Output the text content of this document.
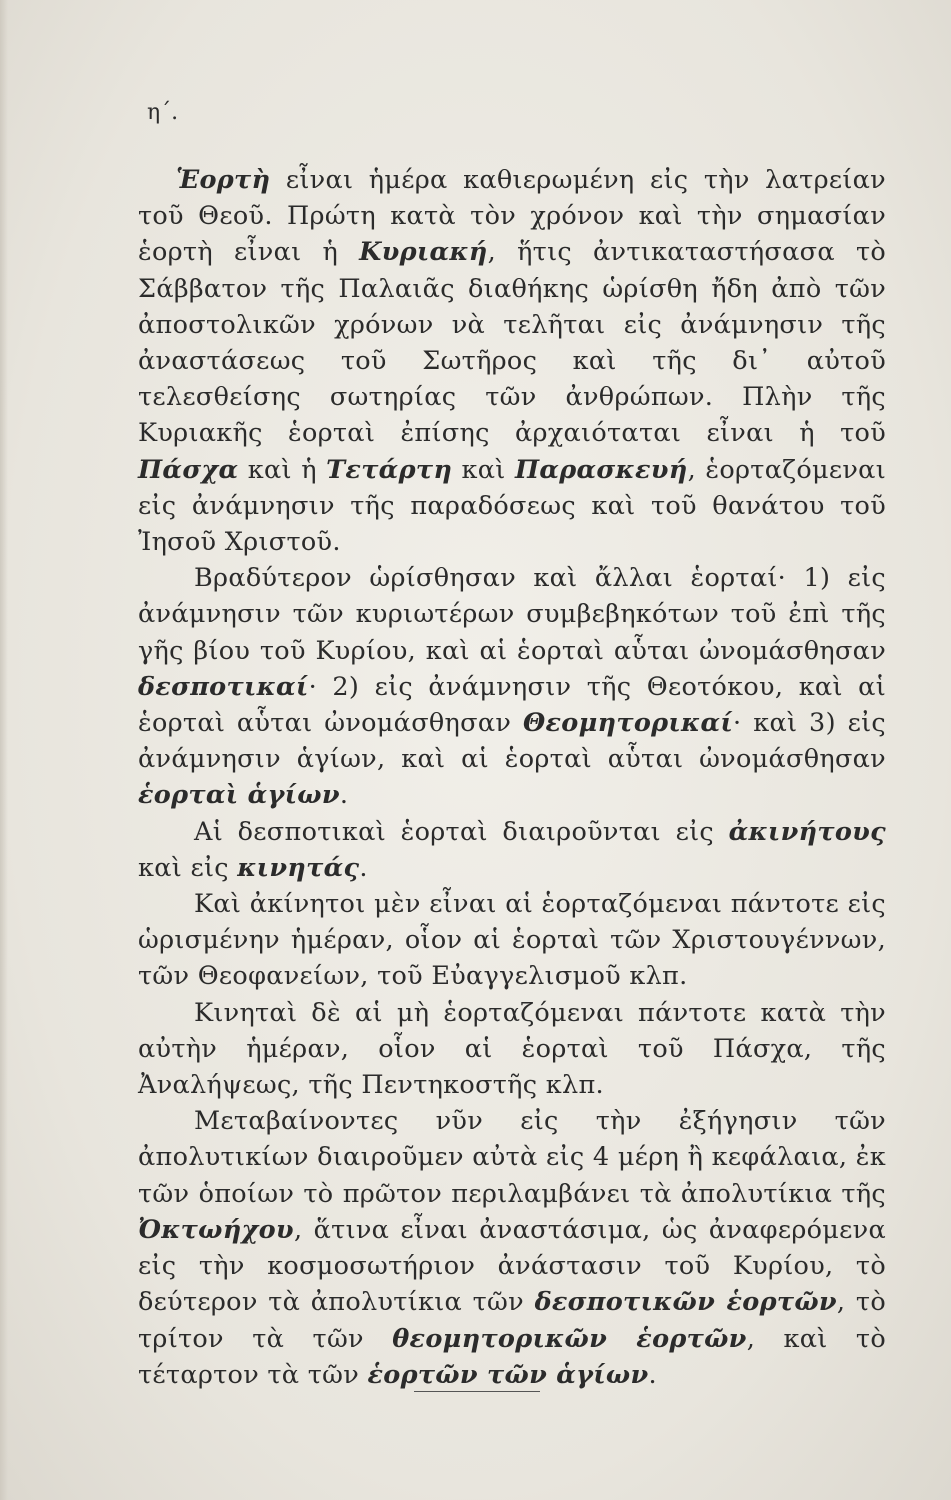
η΄.

Ἑορτὴ εἶναι ἡμέρα καθιερωμένη εἰς τὴν λατρείαν τοῦ Θεοῦ. Πρώτη κατὰ τὸν χρόνον καὶ τὴν σημασίαν ἑορτὴ εἶναι ἡ Κυριακή, ἥτις ἀντικαταστήσασα τὸ Σάββατον τῆς Παλαιᾶς διαθήκης ὡρίσθη ἤδη ἀπὸ τῶν ἀποστολικῶν χρόνων νὰ τελῆται εἰς ἀνάμνησιν τῆς ἀναστάσεως τοῦ Σωτῆρος καὶ τῆς δι᾿ αὐτοῦ τελεσθείσης σωτηρίας τῶν ἀνθρώπων. Πλὴν τῆς Κυριακῆς ἑορταὶ ἐπίσης ἀρχαιόταται εἶναι ἡ τοῦ Πάσχα καὶ ἡ Τετάρτη καὶ Παρασκευή, ἑορταζόμεναι εἰς ἀνάμνησιν τῆς παραδόσεως καὶ τοῦ θανάτου τοῦ Ἰησοῦ Χριστοῦ.

Βραδύτερον ὡρίσθησαν καὶ ἄλλαι ἑορταί· 1) εἰς ἀνάμνησιν τῶν κυριωτέρων συμβεβηκότων τοῦ ἐπὶ τῆς γῆς βίου τοῦ Κυρίου, καὶ αἱ ἑορταὶ αὗται ὠνομάσθησαν δεσποτικαί· 2) εἰς ἀνάμνησιν τῆς Θεοτόκου, καὶ αἱ ἑορταὶ αὗται ὠνομάσθησαν Θεομητορικαί· καὶ 3) εἰς ἀνάμνησιν ἁγίων, καὶ αἱ ἑορταὶ αὗται ὠνομάσθησαν ἑορταὶ ἁγίων.

Αἱ δεσποτικαὶ ἑορταὶ διαιροῦνται εἰς ἀκινήτους καὶ εἰς κινητάς.

Καὶ ἀκίνητοι μὲν εἶναι αἱ ἑορταζόμεναι πάντοτε εἰς ὡρισμένην ἡμέραν, οἷον αἱ ἑορταὶ τῶν Χριστουγέννων, τῶν Θεοφανείων, τοῦ Εὐαγγελισμοῦ κλπ.

Κινηταὶ δὲ αἱ μὴ ἑορταζόμεναι πάντοτε κατὰ τὴν αὐτὴν ἡμέραν, οἷον αἱ ἑορταὶ τοῦ Πάσχα, τῆς Ἀναλήψεως, τῆς Πεντηκοστῆς κλπ.

Μεταβαίνοντες νῦν εἰς τὴν ἐξήγησιν τῶν ἀπολυτικίων διαιροῦμεν αὐτὰ εἰς 4 μέρη ἢ κεφάλαια, ἐκ τῶν ὁποίων τὸ πρῶτον περιλαμβάνει τὰ ἀπολυτίκια τῆς Ὀκτωήχου, ἅτινα εἶναι ἀναστάσιμα, ὡς ἀναφερόμενα εἰς τὴν κοσμοσωτήριον ἀνάστασιν τοῦ Κυρίου, τὸ δεύτερον τὰ ἀπολυτίκια τῶν δεσποτικῶν ἑορτῶν, τὸ τρίτον τὰ τῶν θεομητορικῶν ἑορτῶν, καὶ τὸ τέταρτον τὰ τῶν ἑορτῶν τῶν ἁγίων.
